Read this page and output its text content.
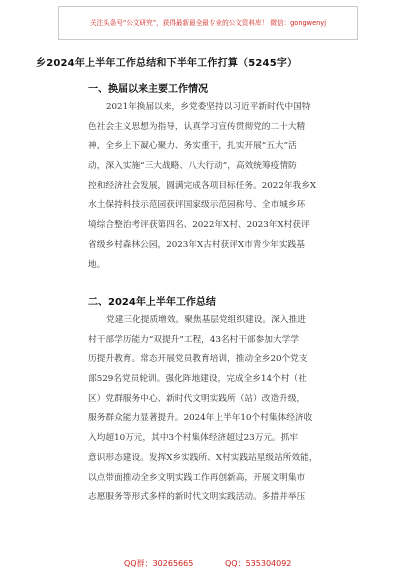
关注头条号“公文研究”，获得最新最全最专业的公文资料库！ 微信：gongwenyj
乡2024年上半年工作总结和下半年工作打算（5245字）
一、换届以来主要工作情况
2021年换届以来，乡党委坚持以习近平新时代中国特
色社会主义思想为指导，认真学习宣传贯彻党的二十大精
神，全乡上下凝心聚力、务实重干，扎实开展“五大”活
动，深入实施“三大战略、八大行动”，高效统筹疫情防
控和经济社会发展，圆满完成各项目标任务。2022年我乡X
水土保持科技示范园获评国家级示范园称号、全市城乡环
境综合整治考评获第四名、2022年X村、2023年X村获评
省级乡村森林公园，2023年X古村获评X市青少年实践基
地。
二、2024年上半年工作总结
党建三化提质增效。聚焦基层党组织建设。深入推进
村干部学历能力“双提升”工程，43名村干部参加大学学
历提升教育。常态开展党员教育培训，推动全乡20个党支
部529名党员轮训。强化阵地建设，完成全乡14个村（社
区）党群服务中心、新时代文明实践所（站）改造升级，
服务群众能力显著提升。2024年上半年10个村集体经济收
入均超10万元，其中3个村集体经济超过23万元。抓牢
意识形态建设。发挥X乡实践所、X村实践站星级站所效能，
以点带面推动全乡文明实践工作再创新高，开展文明集市
志愿服务等形式多样的新时代文明实践活动。多措并举压
QQ群：30265665	QQ：535304092
